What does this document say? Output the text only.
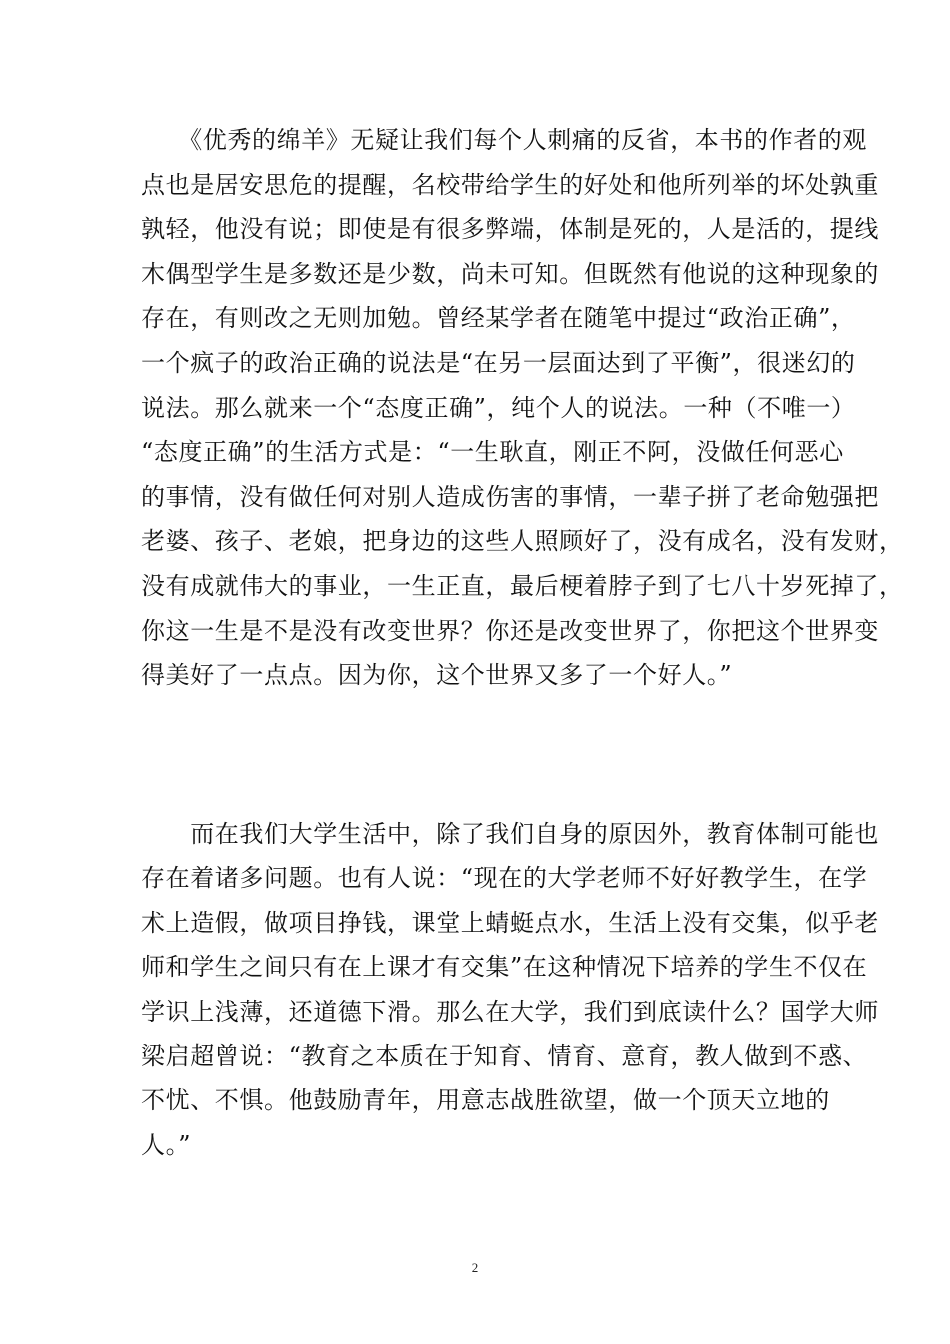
　　《优秀的绵羊》无疑让我们每个人刺痛的反省，本书的作者的观
点也是居安思危的提醒，名校带给学生的好处和他所列举的坏处孰重
孰轻，他没有说；即使是有很多弊端，体制是死的，人是活的，提线
木偶型学生是多数还是少数，尚未可知。但既然有他说的这种现象的
存在，有则改之无则加勉。曾经某学者在随笔中提过“政治正确”，
一个疯子的政治正确的说法是“在另一层面达到了平衡”，很迷幻的
说法。那么就来一个“态度正确”，纯个人的说法。一种（不唯一）
“态度正确”的生活方式是：“一生耿直，刚正不阿，没做任何恶心
的事情，没有做任何对别人造成伤害的事情，一辈子拼了老命勉强把
老婆、孩子、老娘，把身边的这些人照顾好了，没有成名，没有发财，
没有成就伟大的事业，一生正直，最后梗着脖子到了七八十岁死掉了，
你这一生是不是没有改变世界？你还是改变世界了，你把这个世界变
得美好了一点点。因为你，这个世界又多了一个好人。”
　　而在我们大学生活中，除了我们自身的原因外，教育体制可能也
存在着诸多问题。也有人说：“现在的大学老师不好好教学生，在学
术上造假，做项目挣钱，课堂上蜻蜓点水，生活上没有交集，似乎老
师和学生之间只有在上课才有交集”在这种情况下培养的学生不仅在
学识上浅薄，还道德下滑。那么在大学，我们到底读什么？国学大师
梁启超曾说：“教育之本质在于知育、情育、意育，教人做到不惑、
不忧、不惧。他鼓励青年，用意志战胜欲望，做一个顶天立地的
人。”
2
